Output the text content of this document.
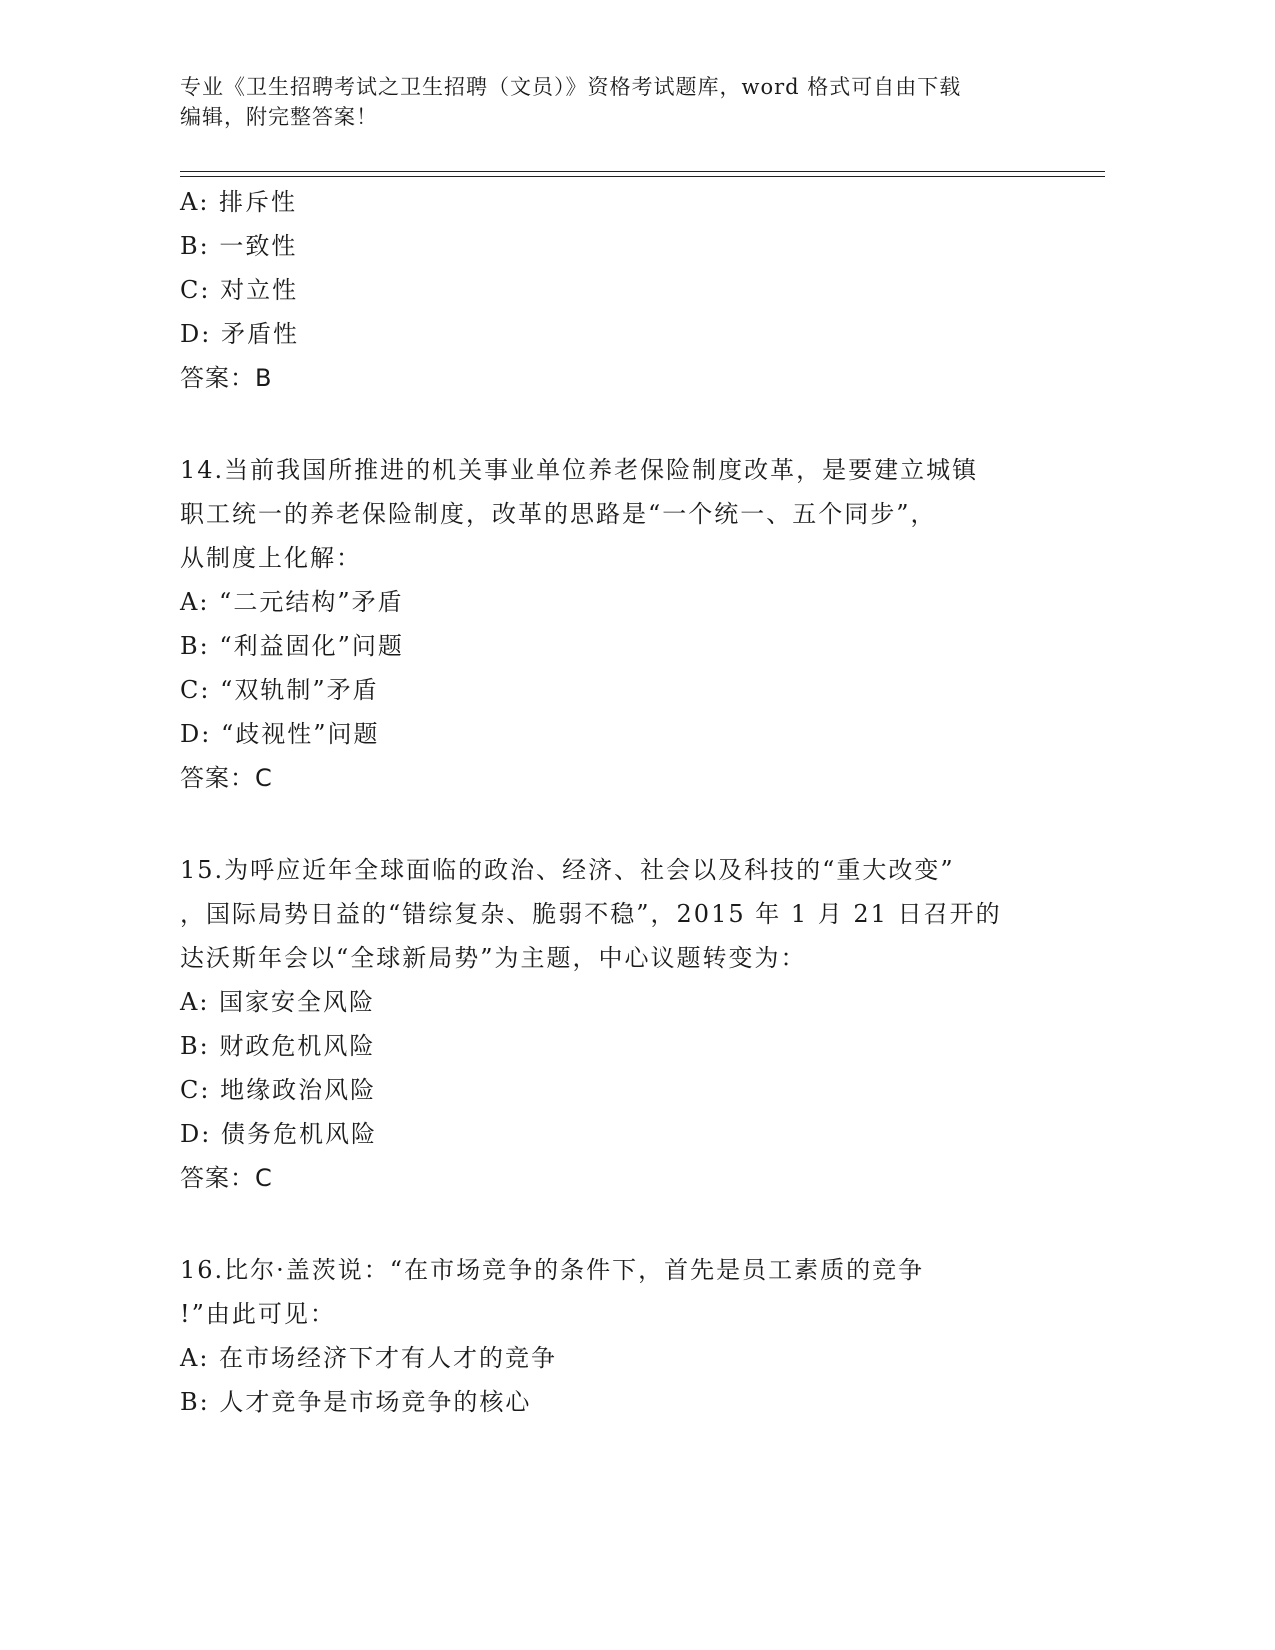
专业《卫生招聘考试之卫生招聘（文员）》资格考试题库，word 格式可自由下载
编辑，附完整答案！
A: 排斥性
B: 一致性
C: 对立性
D: 矛盾性
答案：B
14.当前我国所推进的机关事业单位养老保险制度改革，是要建立城镇
职工统一的养老保险制度，改革的思路是“一个统一、五个同步”，
从制度上化解：
A: “二元结构”矛盾
B: “利益固化”问题
C: “双轨制”矛盾
D: “歧视性”问题
答案：C
15.为呼应近年全球面临的政治、经济、社会以及科技的“重大改变”
，国际局势日益的“错综复杂、脆弱不稳”，2015 年 1 月 21 日召开的
达沃斯年会以“全球新局势”为主题，中心议题转变为：
A: 国家安全风险
B: 财政危机风险
C: 地缘政治风险
D: 债务危机风险
答案：C
16.比尔·盖茨说：“在市场竞争的条件下，首先是员工素质的竞争
!”由此可见：
A: 在市场经济下才有人才的竞争
B: 人才竞争是市场竞争的核心
